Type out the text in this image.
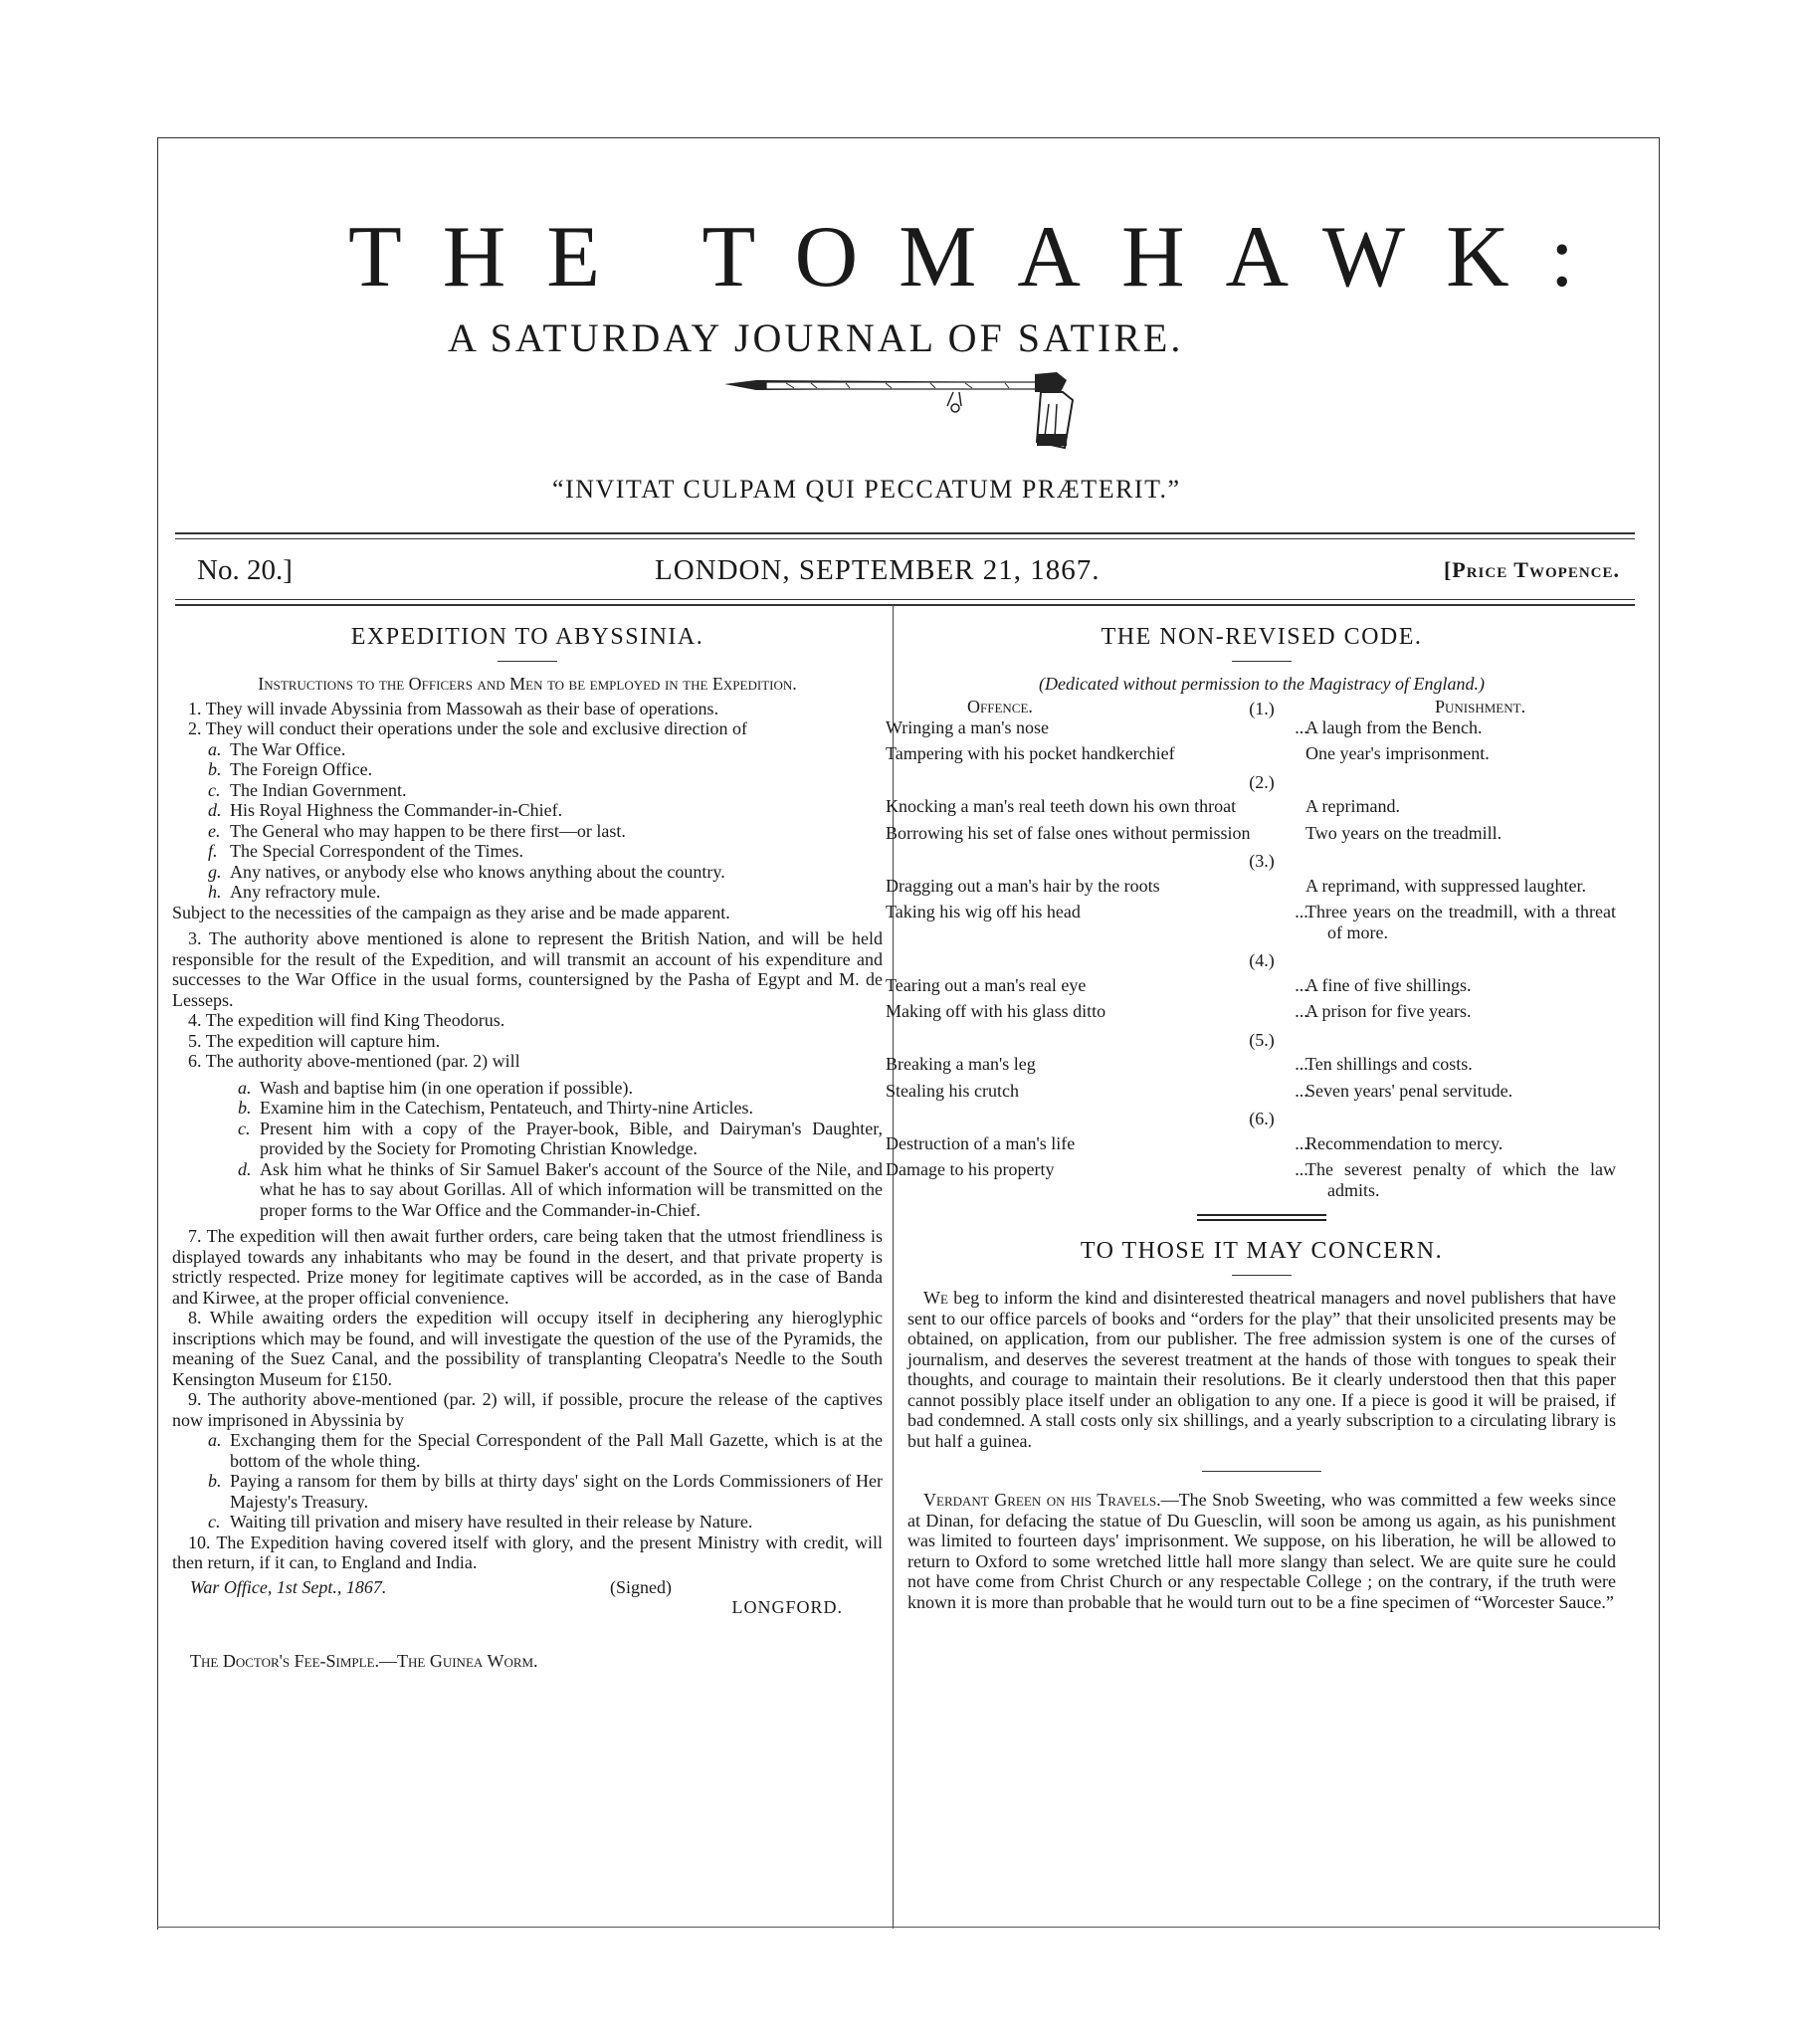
THE TOMAHAWK:
A SATURDAY JOURNAL OF SATIRE.
“INVITAT CULPAM QUI PECCATUM PRÆTERIT.”
No. 20.]	LONDON, SEPTEMBER 21, 1867.	[Price Twopence.
EXPEDITION TO ABYSSINIA.

Instructions to the Officers and Men to be employed in the Expedition.

1. They will invade Abyssinia from Massowah as their base of operations.

2. They will conduct their operations under the sole and exclusive direction of

a. The War Office.
b. The Foreign Office.
c. The Indian Government.
d. His Royal Highness the Commander-in-Chief.
e. The General who may happen to be there first—or last.
f. The Special Correspondent of the Times.
g. Any natives, or anybody else who knows anything about the country.
h. Any refractory mule.

Subject to the necessities of the campaign as they arise and be made apparent.

3. The authority above mentioned is alone to represent the British Nation, and will be held responsible for the result of the Expedition, and will transmit an account of his expenditure and successes to the War Office in the usual forms, countersigned by the Pasha of Egypt and M. de Lesseps.

4. The expedition will find King Theodorus.

5. The expedition will capture him.

6. The authority above-mentioned (par. 2) will

a. Wash and baptise him (in one operation if possible).
b. Examine him in the Catechism, Pentateuch, and Thirty-nine Articles.
c. Present him with a copy of the Prayer-book, Bible, and Dairyman's Daughter, provided by the Society for Promoting Christian Knowledge.
d. Ask him what he thinks of Sir Samuel Baker's account of the Source of the Nile, and what he has to say about Gorillas. All of which information will be transmitted on the proper forms to the War Office and the Commander-in-Chief.

7. The expedition will then await further orders, care being taken that the utmost friendliness is displayed towards any inhabitants who may be found in the desert, and that private property is strictly respected. Prize money for legitimate captives will be accorded, as in the case of Banda and Kirwee, at the proper official convenience.

8. While awaiting orders the expedition will occupy itself in deciphering any hieroglyphic inscriptions which may be found, and will investigate the question of the use of the Pyramids, the meaning of the Suez Canal, and the possibility of transplanting Cleopatra's Needle to the South Kensington Museum for £150.

9. The authority above-mentioned (par. 2) will, if possible, procure the release of the captives now imprisoned in Abyssinia by

a. Exchanging them for the Special Correspondent of the Pall Mall Gazette, which is at the bottom of the whole thing.
b. Paying a ransom for them by bills at thirty days' sight on the Lords Commissioners of Her Majesty's Treasury.
c. Waiting till privation and misery have resulted in their release by Nature.

10. The Expedition having covered itself with glory, and the present Ministry with credit, will then return, if it can, to England and India.

War Office, 1st Sept., 1867.	(Signed)
LONGFORD.

The Doctor's Fee-Simple.—The Guinea Worm.

THE NON-REVISED CODE.

(Dedicated without permission to the Magistracy of England.)

(1.)
Offence.	Punishment.
Wringing a man's nose	...	A laugh from the Bench.

Tampering with his pocket handkerchief		One year's imprisonment.
(2.)
Knocking a man's real teeth down his own throat		A reprimand.

Borrowing his set of false ones without permission		Two years on the treadmill.
(3.)
Dragging out a man's hair by the roots		A reprimand, with suppressed laughter.

Taking his wig off his head	...	Three years on the treadmill, with a threat of more.
(4.)
Tearing out a man's real eye	...	A fine of five shillings.

Making off with his glass ditto	...	A prison for five years.
(5.)
Breaking a man's leg	...	Ten shillings and costs.

Stealing his crutch	...	Seven years' penal servitude.
(6.)
Destruction of a man's life	...	Recommendation to mercy.

Damage to his property	...	The severest penalty of which the law admits.
TO THOSE IT MAY CONCERN.

We beg to inform the kind and disinterested theatrical managers and novel publishers that have sent to our office parcels of books and “orders for the play” that their unsolicited presents may be obtained, on application, from our publisher. The free admission system is one of the curses of journalism, and deserves the severest treatment at the hands of those with tongues to speak their thoughts, and courage to maintain their resolutions. Be it clearly understood then that this paper cannot possibly place itself under an obligation to any one. If a piece is good it will be praised, if bad condemned. A stall costs only six shillings, and a yearly subscription to a circulating library is but half a guinea.

Verdant Green on his Travels.—The Snob Sweeting, who was committed a few weeks since at Dinan, for defacing the statue of Du Guesclin, will soon be among us again, as his punishment was limited to fourteen days' imprisonment. We suppose, on his liberation, he will be allowed to return to Oxford to some wretched little hall more slangy than select. We are quite sure he could not have come from Christ Church or any respectable College ; on the contrary, if the truth were known it is more than probable that he would turn out to be a fine specimen of “Worcester Sauce.”
